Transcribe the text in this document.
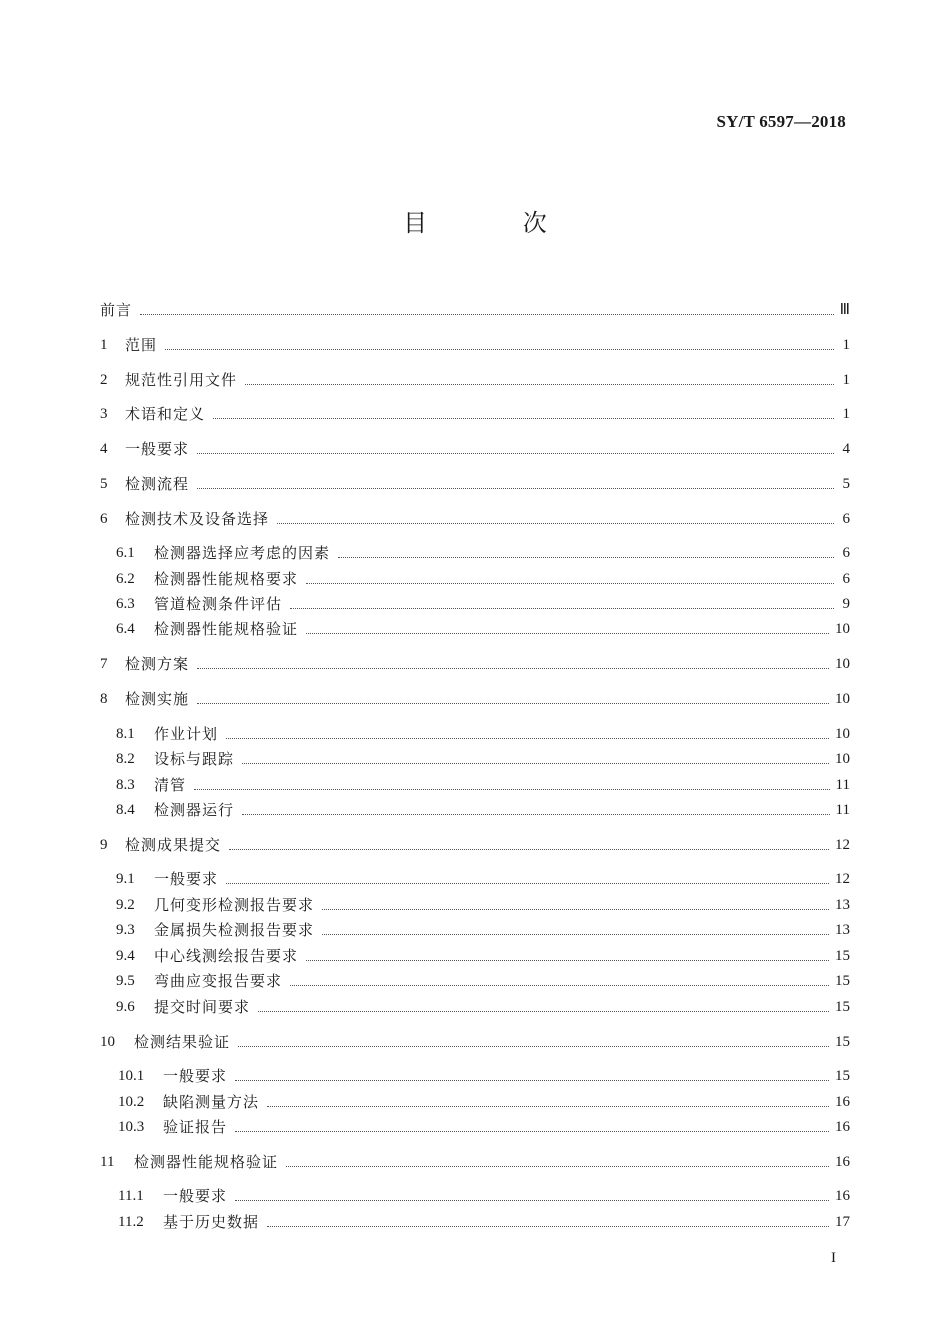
SY/T 6597—2018
目 次
前言	Ⅲ
1	范围	1
2	规范性引用文件	1
3	术语和定义	1
4	一般要求	4
5	检测流程	5
6	检测技术及设备选择	6
6.1	检测器选择应考虑的因素	6
6.2	检测器性能规格要求	6
6.3	管道检测条件评估	9
6.4	检测器性能规格验证	10
7	检测方案	10
8	检测实施	10
8.1	作业计划	10
8.2	设标与跟踪	10
8.3	清管	11
8.4	检测器运行	11
9	检测成果提交	12
9.1	一般要求	12
9.2	几何变形检测报告要求	13
9.3	金属损失检测报告要求	13
9.4	中心线测绘报告要求	15
9.5	弯曲应变报告要求	15
9.6	提交时间要求	15
10	检测结果验证	15
10.1	一般要求	15
10.2	缺陷测量方法	16
10.3	验证报告	16
11	检测器性能规格验证	16
11.1	一般要求	16
11.2	基于历史数据	17
I
